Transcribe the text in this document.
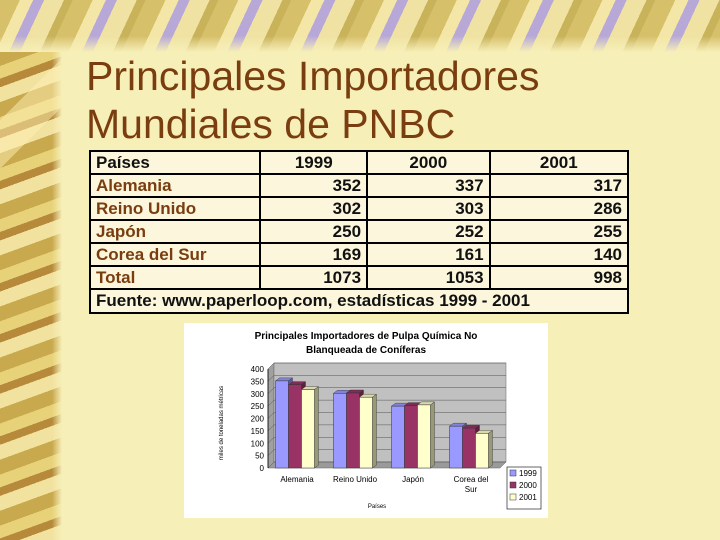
Principales Importadores
Mundiales de PNBC
Países	1999	2000	2001
Alemania	352	337	317
Reino Unido	302	303	286
Japón	250	252	255
Corea del Sur	169	161	140
Total	1073	1053	998
Fuente: www.paperloop.com, estadísticas 1999 - 2001			
Principales Importadores de Pulpa Química No
Blanqueada de Coníferas
miles de toneladas métricas
Países
0
50
100
150
200
250
300
350
400
Alemania Reino Unido	Japón	Corea del
Sur
1999
2000
2001
